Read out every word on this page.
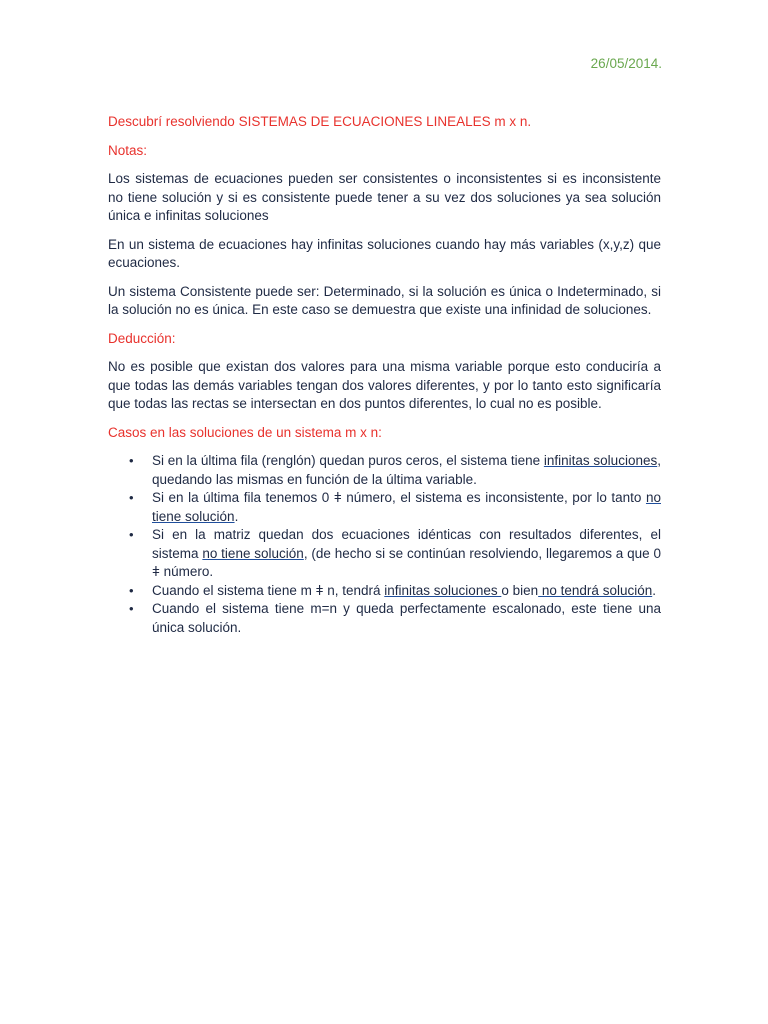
26/05/2014.
Descubrí resolviendo SISTEMAS DE ECUACIONES LINEALES m x n.
Notas:

Los sistemas de ecuaciones pueden ser consistentes o inconsistentes si es inconsistente no tiene solución y si es consistente puede tener a su vez dos soluciones ya sea solución única e infinitas soluciones

En un sistema de ecuaciones hay infinitas soluciones cuando hay más variables (x,y,z) que ecuaciones.

Un sistema Consistente puede ser: Determinado, si la solución es única o Indeterminado, si la solución no es única. En este caso se demuestra que existe una infinidad de soluciones.

Deducción:

No es posible que existan dos valores para una misma variable porque esto conduciría a que todas las demás variables tengan dos valores diferentes, y por lo tanto esto significaría que todas las rectas se intersectan en dos puntos diferentes, lo cual no es posible.

Casos en las soluciones de un sistema m x n:
• Si en la última fila (renglón) quedan puros ceros, el sistema tiene infinitas soluciones, quedando las mismas en función de la última variable.
• Si en la última fila tenemos 0 ǂ número, el sistema es inconsistente, por lo tanto no tiene solución.
• Si en la matriz quedan dos ecuaciones idénticas con resultados diferentes, el sistema no tiene solución, (de hecho si se continúan resolviendo, llegaremos a que 0 ǂ número.
• Cuando el sistema tiene m ǂ n, tendrá infinitas soluciones o bien no tendrá solución.
• Cuando el sistema tiene m=n y queda perfectamente escalonado, este tiene una única solución.
